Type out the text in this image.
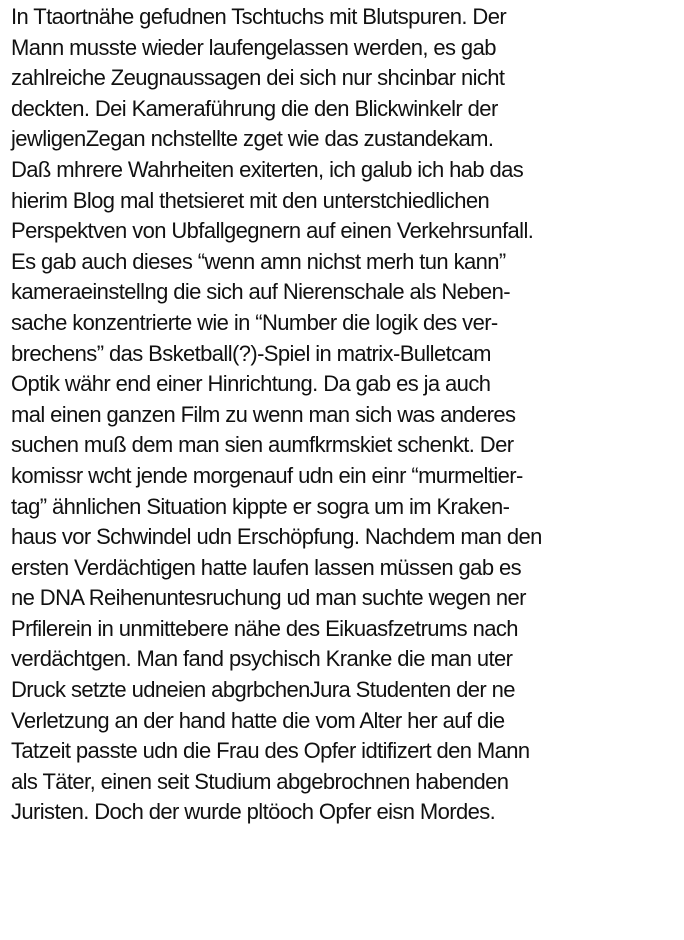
In Ttaortnähe gefudnen Tschtuchs mit Blutspuren. Der
Mann musste wieder laufengelassen werden, es gab
zahlreiche Zeugnaussagen dei sich nur shcinbar nicht
deckten. Dei Kameraführung die den Blickwinkelr der
jewligenZegan nchstellte zget wie das zustandekam.
Daß mhrere Wahrheiten exiterten, ich galub ich hab das
hierim Blog mal thetsieret mit den unterstchiedlichen
Perspektven von Ubfallgegnern auf einen Verkehrsunfall.
Es gab auch dieses “wenn amn nichst merh tun kann”
kameraeinstellng die sich auf Nierenschale als Neben-
sache konzentrierte wie in “Number die logik des ver-
brechens” das Bsketball(?)-Spiel in matrix-Bulletcam
Optik währ end einer Hinrichtung. Da gab es ja auch
mal einen ganzen Film zu wenn man sich was anderes
suchen muß dem man sien aumfkrmskiet schenkt. Der
komissr wcht jende morgenauf udn ein einr “murmeltier-
tag” ähnlichen Situation kippte er sogra um im Kraken-
haus vor Schwindel udn Erschöpfung. Nachdem man den
ersten Verdächtigen hatte laufen lassen müssen gab es
ne DNA Reihenuntesruchung ud man suchte wegen ner
Prfilerein in unmittebere nähe des Eikuasfzetrums nach
verdächtgen. Man fand psychisch Kranke die man uter
Druck setzte udneien abgrbchenJura Studenten der ne
Verletzung an der hand hatte die vom Alter her auf die
Tatzeit passte udn die Frau des Opfer idtifizert den Mann
als Täter, einen seit Studium abgebrochnen habenden
Juristen. Doch der wurde pltöoch Opfer eisn Mordes.
